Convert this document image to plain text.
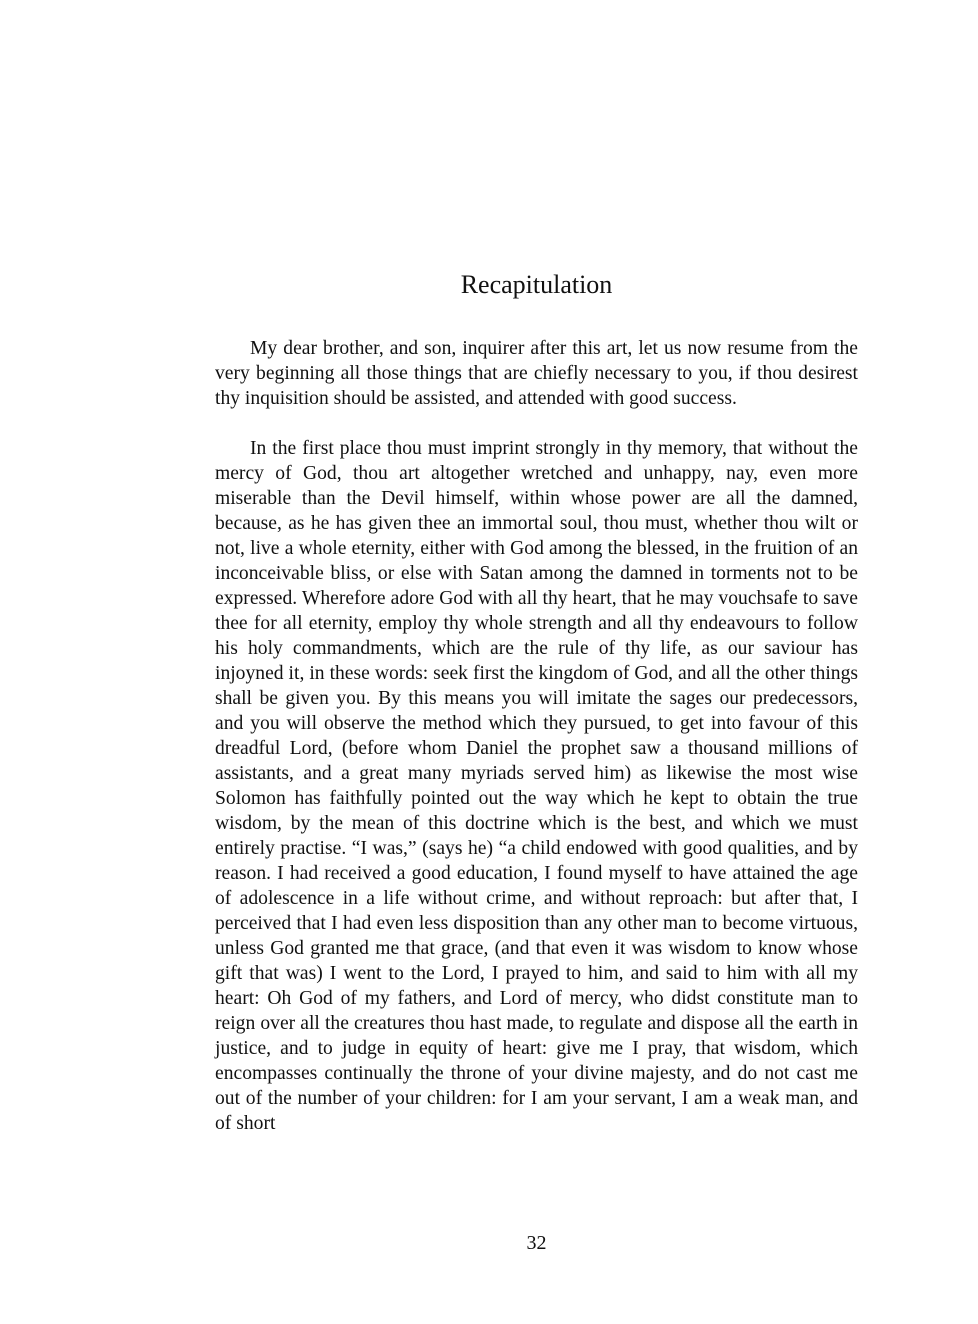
Recapitulation

My dear brother, and son, inquirer after this art, let us now resume from the very beginning all those things that are chiefly necessary to you, if thou desirest thy inquisition should be assisted, and attended with good success.

In the first place thou must imprint strongly in thy memory, that without the mercy of God, thou art altogether wretched and unhappy, nay, even more miserable than the Devil himself, within whose power are all the damned, because, as he has given thee an immortal soul, thou must, whether thou wilt or not, live a whole eternity, either with God among the blessed, in the fruition of an inconceivable bliss, or else with Satan among the damned in torments not to be expressed. Wherefore adore God with all thy heart, that he may vouchsafe to save thee for all eternity, employ thy whole strength and all thy endeavours to follow his holy commandments, which are the rule of thy life, as our saviour has injoyned it, in these words: seek first the kingdom of God, and all the other things shall be given you. By this means you will imitate the sages our predecessors, and you will observe the method which they pursued, to get into favour of this dreadful Lord, (before whom Daniel the prophet saw a thousand millions of assistants, and a great many myriads served him) as likewise the most wise Solomon has faithfully pointed out the way which he kept to obtain the true wisdom, by the mean of this doctrine which is the best, and which we must entirely practise. “I was,” (says he) “a child endowed with good qualities, and by reason. I had received a good education, I found myself to have attained the age of adolescence in a life without crime, and without reproach: but after that, I perceived that I had even less disposition than any other man to become virtuous, unless God granted me that grace, (and that even it was wisdom to know whose gift that was) I went to the Lord, I prayed to him, and said to him with all my heart: Oh God of my fathers, and Lord of mercy, who didst constitute man to reign over all the creatures thou hast made, to regulate and dispose all the earth in justice, and to judge in equity of heart: give me I pray, that wisdom, which encompasses continually the throne of your divine majesty, and do not cast me out of the number of your children: for I am your servant, I am a weak man, and of short

32
